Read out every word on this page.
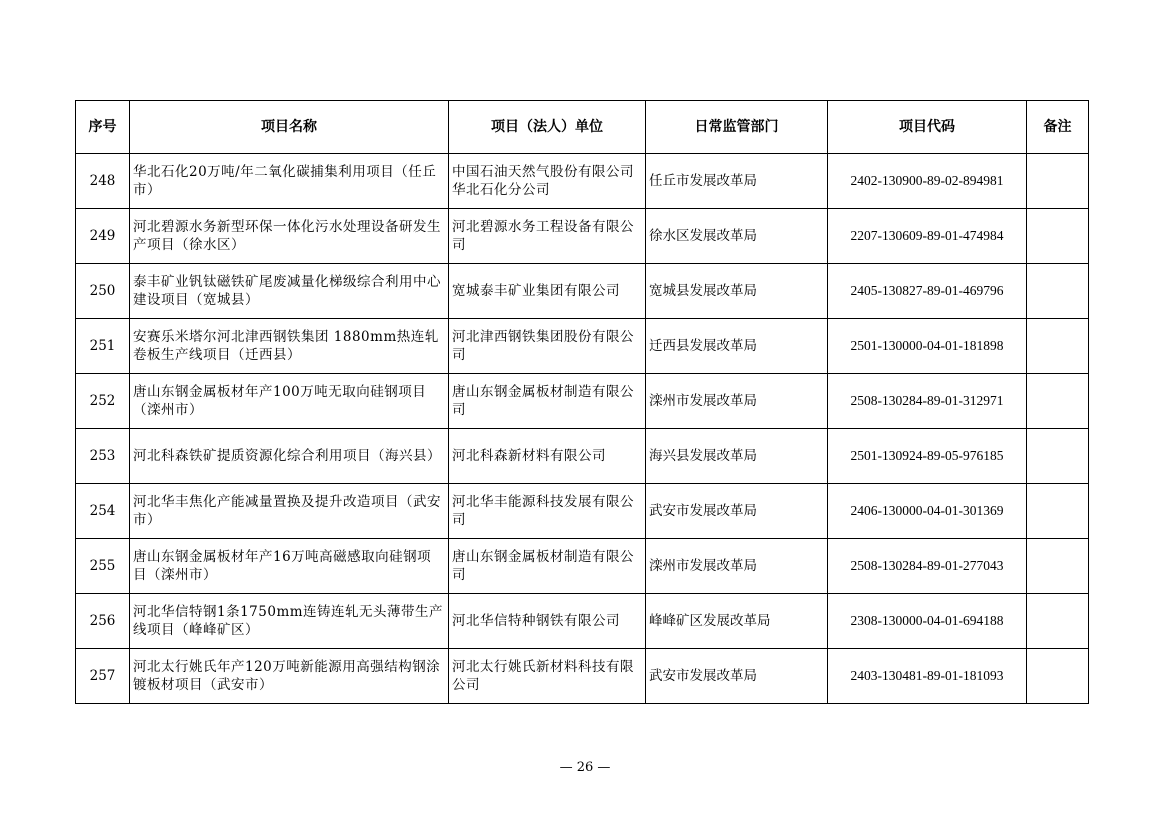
序号	项目名称	项目（法人）单位	日常监管部门	项目代码	备注
248	华北石化20万吨/年二氧化碳捕集利用项目（任丘市）	中国石油天然气股份有限公司华北石化分公司	任丘市发展改革局	2402-130900-89-02-894981	
249	河北碧源水务新型环保一体化污水处理设备研发生产项目（徐水区）	河北碧源水务工程设备有限公司	徐水区发展改革局	2207-130609-89-01-474984	
250	泰丰矿业钒钛磁铁矿尾废减量化梯级综合利用中心建设项目（宽城县）	宽城泰丰矿业集团有限公司	宽城县发展改革局	2405-130827-89-01-469796	
251	安赛乐米塔尔河北津西钢铁集团 1880mm热连轧卷板生产线项目（迁西县）	河北津西钢铁集团股份有限公司	迁西县发展改革局	2501-130000-04-01-181898	
252	唐山东钢金属板材年产100万吨无取向硅钢项目（滦州市）	唐山东钢金属板材制造有限公司	滦州市发展改革局	2508-130284-89-01-312971	
253	河北科森铁矿提质资源化综合利用项目（海兴县）	河北科森新材料有限公司	海兴县发展改革局	2501-130924-89-05-976185	
254	河北华丰焦化产能减量置换及提升改造项目（武安市）	河北华丰能源科技发展有限公司	武安市发展改革局	2406-130000-04-01-301369	
255	唐山东钢金属板材年产16万吨高磁感取向硅钢项目（滦州市）	唐山东钢金属板材制造有限公司	滦州市发展改革局	2508-130284-89-01-277043	
256	河北华信特钢1条1750mm连铸连轧无头薄带生产线项目（峰峰矿区）	河北华信特种钢铁有限公司	峰峰矿区发展改革局	2308-130000-04-01-694188	
257	河北太行姚氏年产120万吨新能源用高强结构钢涂镀板材项目（武安市）	河北太行姚氏新材料科技有限公司	武安市发展改革局	2403-130481-89-01-181093	
— 26 —
